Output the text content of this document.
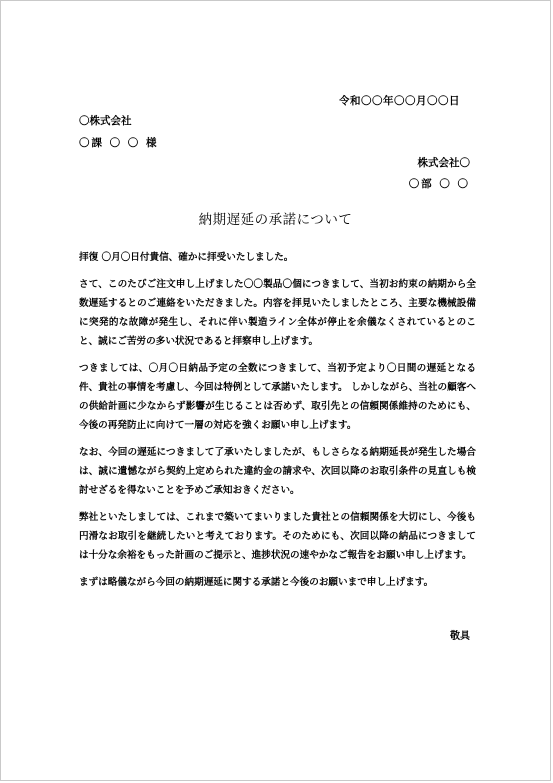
令和〇〇年〇〇月〇〇日
〇株式会社
〇課 〇 〇 様
株式会社〇
〇部 〇 〇
納期遅延の承諾について

拝復 〇月〇日付貴信、確かに拝受いたしました。

さて、このたびご注文申し上げました〇〇製品〇個につきまして、当初お約束の納期から全数遅延するとのご連絡をいただきました。内容を拝見いたしましたところ、主要な機械設備に突発的な故障が発生し、それに伴い製造ライン全体が停止を余儀なくされているとのこと、誠にご苦労の多い状況であると拝察申し上げます。

つきましては、〇月〇日納品予定の全数につきまして、当初予定より〇日間の遅延となる件、貴社の事情を考慮し、今回は特例として承諾いたします。 しかしながら、当社の顧客への供給計画に少なからず影響が生じることは否めず、取引先との信頼関係維持のためにも、今後の再発防止に向けて一層の対応を強くお願い申し上げます。

なお、今回の遅延につきまして了承いたしましたが、もしさらなる納期延長が発生した場合は、誠に遺憾ながら契約上定められた違約金の請求や、次回以降のお取引条件の見直しも検討せざるを得ないことを予めご承知おきください。

弊社といたしましては、これまで築いてまいりました貴社との信頼関係を大切にし、今後も円滑なお取引を継続したいと考えております。そのためにも、次回以降の納品につきましては十分な余裕をもった計画のご提示と、進捗状況の速やかなご報告をお願い申し上げます。

まずは略儀ながら今回の納期遅延に関する承諾と今後のお願いまで申し上げます。

敬具
